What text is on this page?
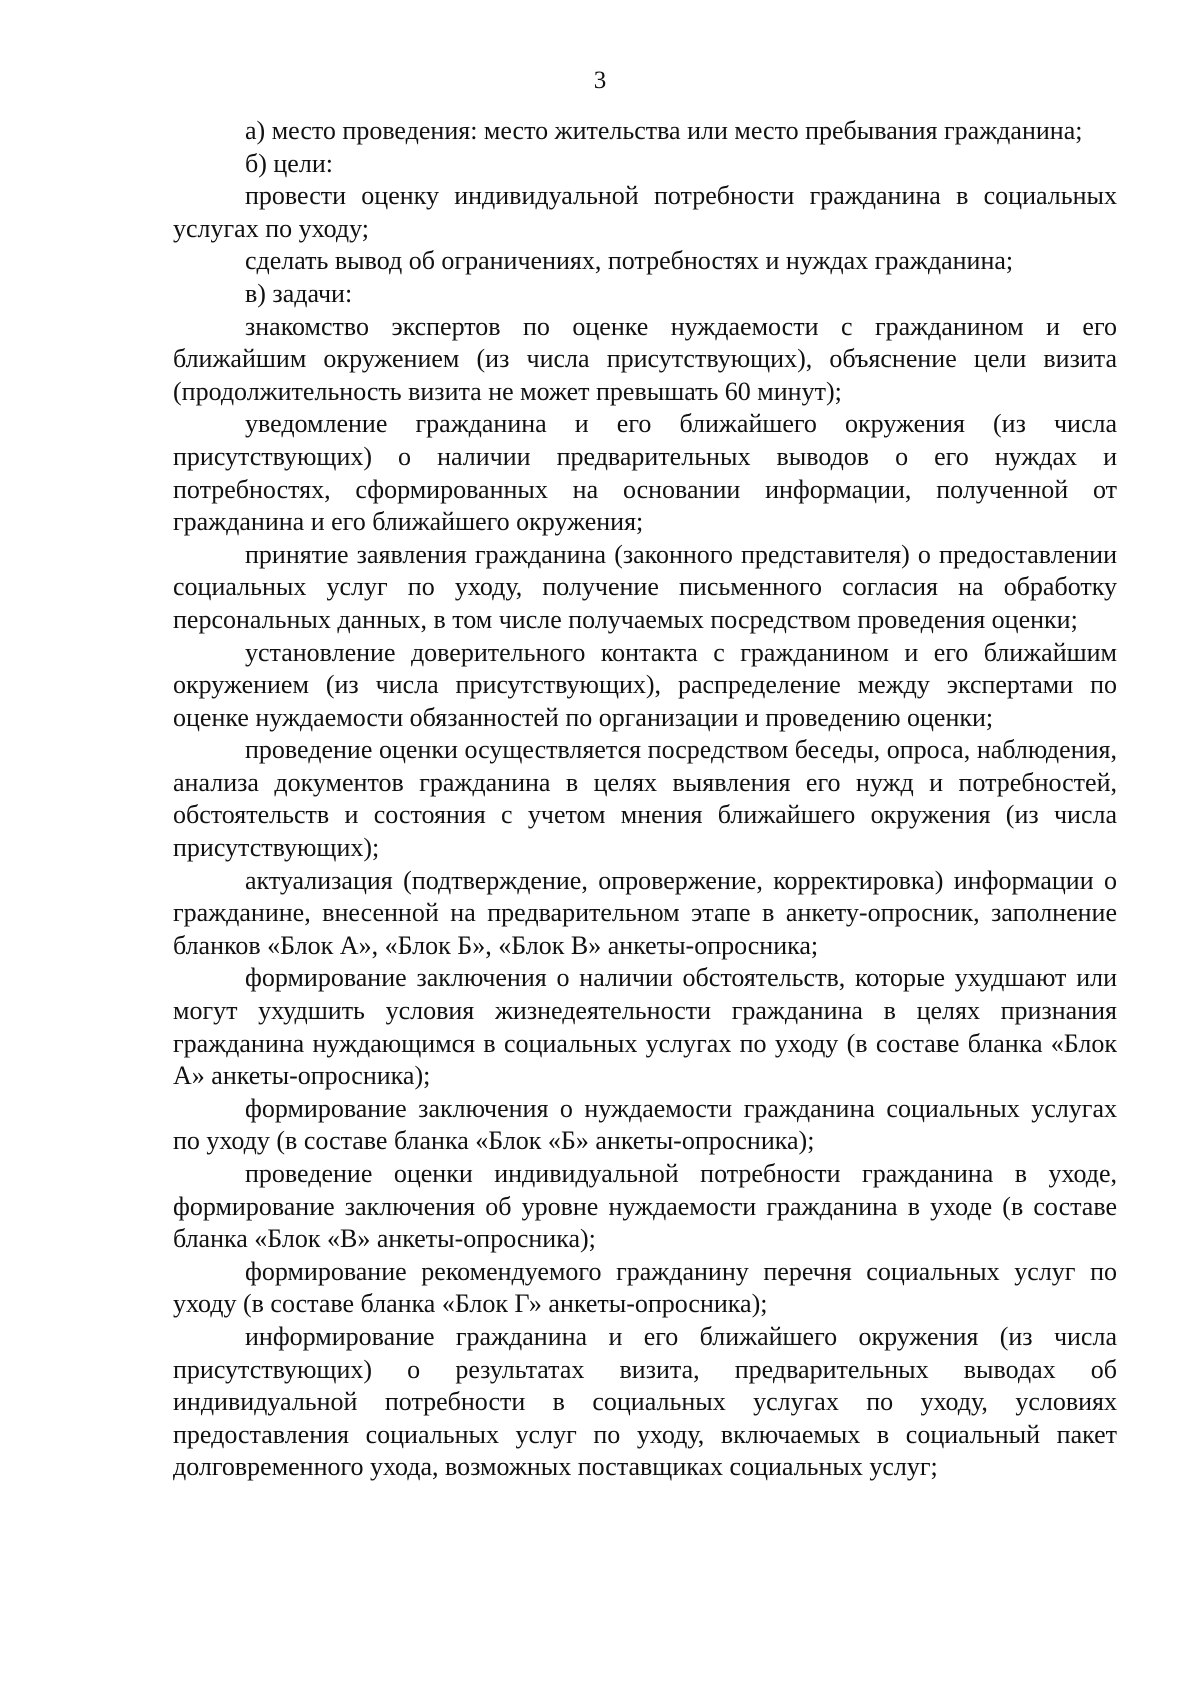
3

а) место проведения: место жительства или место пребывания гражданина;

б) цели:

провести оценку индивидуальной потребности гражданина в социальных услугах по уходу;

сделать вывод об ограничениях, потребностях и нуждах гражданина;

в) задачи:

знакомство экспертов по оценке нуждаемости с гражданином и его ближайшим окружением (из числа присутствующих), объяснение цели визита (продолжительность визита не может превышать 60 минут);

уведомление гражданина и его ближайшего окружения (из числа присутствующих) о наличии предварительных выводов о его нуждах и потребностях, сформированных на основании информации, полученной от гражданина и его ближайшего окружения;

принятие заявления гражданина (законного представителя) о предоставлении социальных услуг по уходу, получение письменного согласия на обработку персональных данных, в том числе получаемых посредством проведения оценки;

установление доверительного контакта с гражданином и его ближайшим окружением (из числа присутствующих), распределение между экспертами по оценке нуждаемости обязанностей по организации и проведению оценки;

проведение оценки осуществляется посредством беседы, опроса, наблюдения, анализа документов гражданина в целях выявления его нужд и потребностей, обстоятельств и состояния с учетом мнения ближайшего окружения (из числа присутствующих);

актуализация (подтверждение, опровержение, корректировка) информации о гражданине, внесенной на предварительном этапе в анкету-опросник, заполнение бланков «Блок А», «Блок Б», «Блок В» анкеты-опросника;

формирование заключения о наличии обстоятельств, которые ухудшают или могут ухудшить условия жизнедеятельности гражданина в целях признания гражданина нуждающимся в социальных услугах по уходу (в составе бланка «Блок А» анкеты-опросника);

формирование заключения о нуждаемости гражданина социальных услугах по уходу (в составе бланка «Блок «Б» анкеты-опросника);

проведение оценки индивидуальной потребности гражданина в уходе, формирование заключения об уровне нуждаемости гражданина в уходе (в составе бланка «Блок «В» анкеты-опросника);

формирование рекомендуемого гражданину перечня социальных услуг по уходу (в составе бланка «Блок Г» анкеты-опросника);

информирование гражданина и его ближайшего окружения (из числа присутствующих) о результатах визита, предварительных выводах об индивидуальной потребности в социальных услугах по уходу, условиях предоставления социальных услуг по уходу, включаемых в социальный пакет долговременного ухода, возможных поставщиках социальных услуг;
